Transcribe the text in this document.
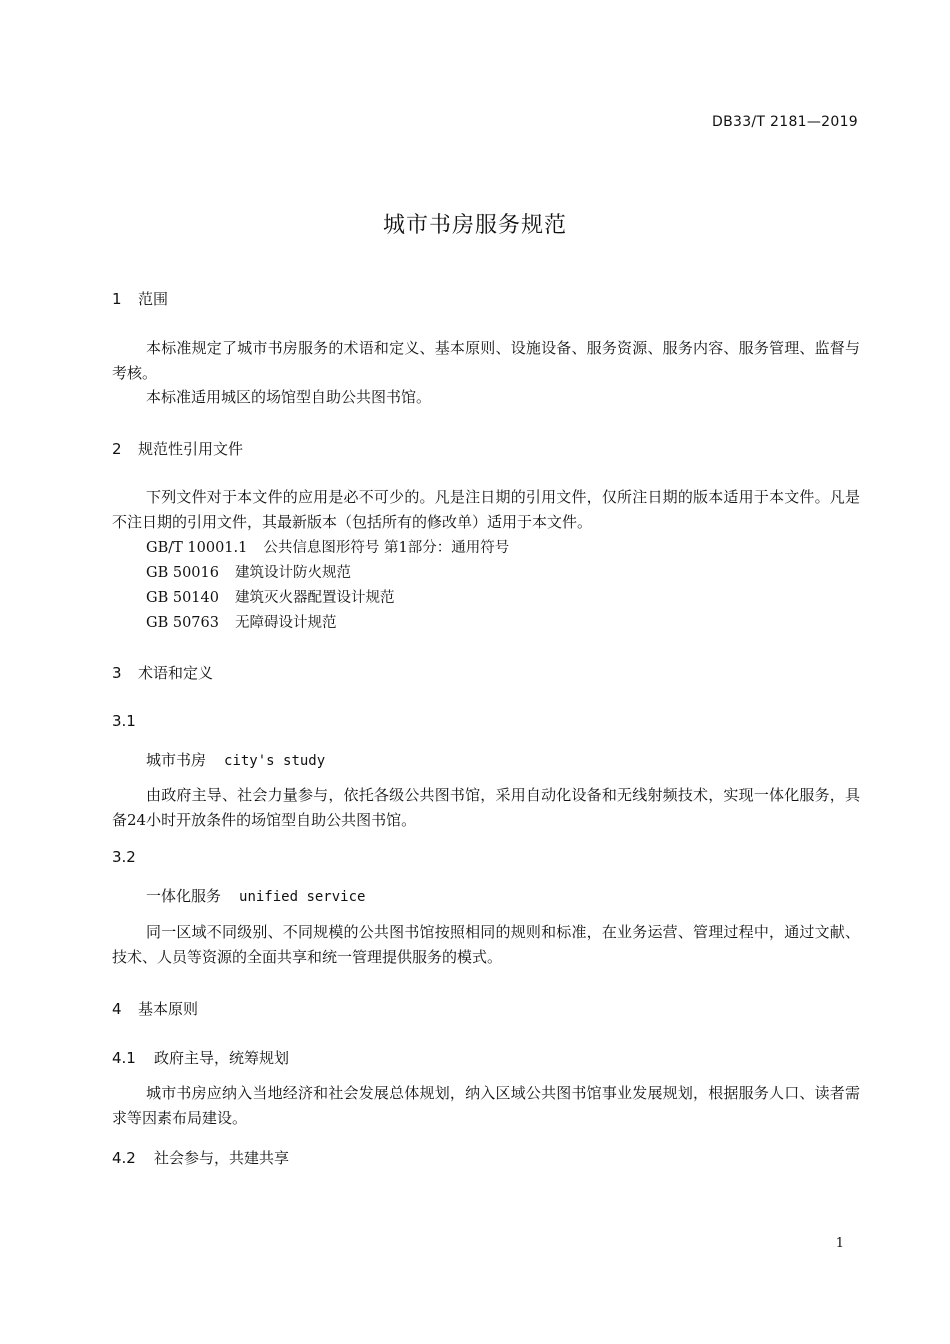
DB33/T 2181—2019
城市书房服务规范
1 范围
本标准规定了城市书房服务的术语和定义、基本原则、设施设备、服务资源、服务内容、服务管理、监督与考核。
本标准适用城区的场馆型自助公共图书馆。
2 规范性引用文件
下列文件对于本文件的应用是必不可少的。凡是注日期的引用文件，仅所注日期的版本适用于本文件。凡是不注日期的引用文件，其最新版本（包括所有的修改单）适用于本文件。
GB/T 10001.1 公共信息图形符号 第1部分：通用符号
GB 50016 建筑设计防火规范
GB 50140 建筑灭火器配置设计规范
GB 50763 无障碍设计规范
3 术语和定义
3.1
城市书房 city's study
由政府主导、社会力量参与，依托各级公共图书馆，采用自动化设备和无线射频技术，实现一体化服务，具备24小时开放条件的场馆型自助公共图书馆。
3.2
一体化服务 unified service
同一区域不同级别、不同规模的公共图书馆按照相同的规则和标准，在业务运营、管理过程中，通过文献、技术、人员等资源的全面共享和统一管理提供服务的模式。
4 基本原则
4.1 政府主导，统筹规划
城市书房应纳入当地经济和社会发展总体规划，纳入区域公共图书馆事业发展规划，根据服务人口、读者需求等因素布局建设。
4.2 社会参与，共建共享
1
